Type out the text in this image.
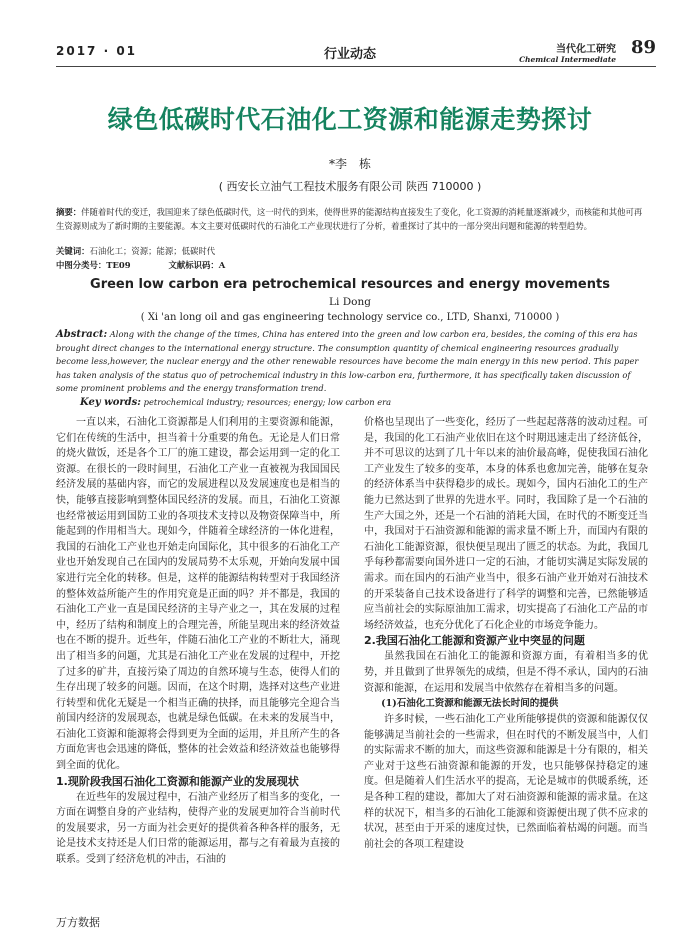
2017 · 01	行业动态	当代化工研究
Chemical Intermediate
89
绿色低碳时代石油化工资源和能源走势探讨
*李　栋
( 西安长立油气工程技术服务有限公司 陕西 710000 )
摘要：伴随着时代的变迁，我国迎来了绿色低碳时代，这一时代的到来，使得世界的能源结构直接发生了变化，化工资源的消耗量逐渐减少，而核能和其他可再生资源则成为了新时期的主要能源。本文主要对低碳时代的石油化工产业现状进行了分析，着重探讨了其中的一部分突出问题和能源的转型趋势。
关键词：石油化工；资源；能源；低碳时代
中图分类号：TE09	文献标识码：A
Green low carbon era petrochemical resources and energy movements
Li Dong
( Xi 'an long oil and gas engineering technology service co., LTD, Shanxi, 710000 )
Abstract: Along with the change of the times, China has entered into the green and low carbon era, besides, the coming of this era has brought direct changes to the international energy structure. The consumption quantity of chemical engineering resources gradually become less,however, the nuclear energy and the other renewable resources have become the main energy in this new period. This paper has taken analysis of the status quo of petrochemical industry in this low-carbon era, furthermore, it has specifically taken discussion of some prominent problems and the energy transformation trend.
Key words: petrochemical industry; resources; energy; low carbon era

一直以来，石油化工资源都是人们利用的主要资源和能源，它们在传统的生活中，担当着十分重要的角色。无论是人们日常的烧火做饭，还是各个工厂的施工建设，都会运用到一定的化工资源。在很长的一段时间里，石油化工产业一直被视为我国国民经济发展的基础内容，而它的发展进程以及发展速度也是相当的快，能够直接影响到整体国民经济的发展。而且，石油化工资源也经常被运用到国防工业的各项技术支持以及物资保障当中，所能起到的作用相当大。现如今，伴随着全球经济的一体化进程，我国的石油化工产业也开始走向国际化，其中很多的石油化工产业也开始发现自己在国内的发展局势不太乐观，开始向发展中国家进行完全化的转移。但是，这样的能源结构转型对于我国经济的整体效益所能产生的作用究竟是正面的吗？并不都是，我国的石油化工产业一直是国民经济的主导产业之一，其在发展的过程中，经历了结构和制度上的合理完善，所能呈现出来的经济效益也在不断的提升。近些年，伴随石油化工产业的不断壮大，涌现出了相当多的问题，尤其是石油化工产业在发展的过程中，开挖了过多的矿井，直接污染了周边的自然环境与生态，使得人们的生存出现了较多的问题。因而，在这个时期，选择对这些产业进行转型和优化无疑是一个相当正确的抉择，而且能够完全迎合当前国内经济的发展现态，也就是绿色低碳。在未来的发展当中，石油化工资源和能源将会得到更为全面的运用，并且所产生的各方面危害也会迅速的降低，整体的社会效益和经济效益也能够得到全面的优化。

1.现阶段我国石油化工资源和能源产业的发展现状

在近些年的发展过程中，石油产业经历了相当多的变化，一方面在调整自身的产业结构，使得产业的发展更加符合当前时代的发展要求，另一方面为社会更好的提供着各种各样的服务，无论是技术支持还是人们日常的能源运用，都与之有着最为直接的联系。受到了经济危机的冲击，石油的

价格也呈现出了一些变化，经历了一些起起落落的波动过程。可是，我国的化工石油产业依旧在这个时期迅速走出了经济低谷，并不可思议的达到了几十年以来的油价最高峰，促使我国石油化工产业发生了较多的变革，本身的体系也愈加完善，能够在复杂的经济体系当中获得稳步的成长。现如今，国内石油化工的生产能力已然达到了世界的先进水平。同时，我国除了是一个石油的生产大国之外，还是一个石油的消耗大国，在时代的不断变迁当中，我国对于石油资源和能源的需求量不断上升，而国内有限的石油化工能源资源，很快便呈现出了匮乏的状态。为此，我国几乎每秒都需要向国外进口一定的石油，才能切实满足实际发展的需求。而在国内的石油产业当中，很多石油产业开始对石油技术的开采装备自己技术设备进行了科学的调整和完善，已然能够适应当前社会的实际原油加工需求，切实提高了石油化工产品的市场经济效益，也充分优化了石化企业的市场竞争能力。

2.我国石油化工能源和资源产业中突显的问题

虽然我国在石油化工的能源和资源方面，有着相当多的优势，并且做到了世界领先的成绩，但是不得不承认，国内的石油资源和能源，在运用和发展当中依然存在着相当多的问题。

(1)石油化工资源和能源无法长时间的提供

许多时候，一些石油化工产业所能够提供的资源和能源仅仅能够满足当前社会的一些需求，但在时代的不断发展当中，人们的实际需求不断的加大，而这些资源和能源是十分有限的，相关产业对于这些石油资源和能源的开发，也只能够保持稳定的速度。但是随着人们生活水平的提高，无论是城市的供暖系统，还是各种工程的建设，都加大了对石油资源和能源的需求量。在这样的状况下，相当多的石油化工能源和资源便出现了供不应求的状况，甚至由于开采的速度过快，已然面临着枯竭的问题。而当前社会的各项工程建设

万方数据
